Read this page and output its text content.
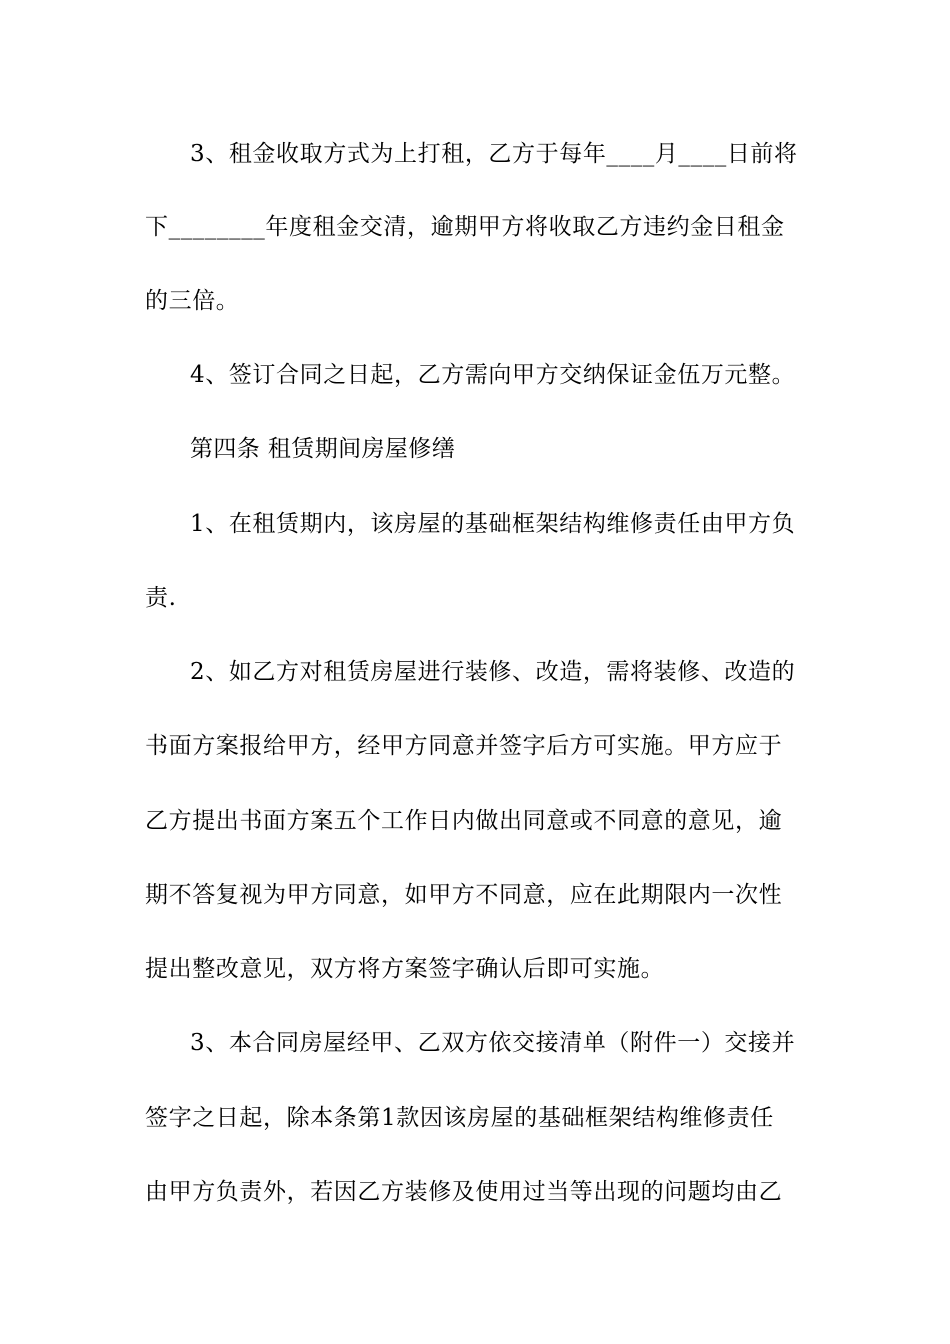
3、租金收取方式为上打租，乙方于每年____月____日前将
下________年度租金交清，逾期甲方将收取乙方违约金日租金
的三倍。
4、签订合同之日起，乙方需向甲方交纳保证金伍万元整。
第四条 租赁期间房屋修缮
1、在租赁期内，该房屋的基础框架结构维修责任由甲方负
责.
2、如乙方对租赁房屋进行装修、改造，需将装修、改造的
书面方案报给甲方，经甲方同意并签字后方可实施。甲方应于
乙方提出书面方案五个工作日内做出同意或不同意的意见，逾
期不答复视为甲方同意，如甲方不同意，应在此期限内一次性
提出整改意见，双方将方案签字确认后即可实施。
3、本合同房屋经甲、乙双方依交接清单（附件一）交接并
签字之日起，除本条第1款因该房屋的基础框架结构维修责任
由甲方负责外，若因乙方装修及使用过当等出现的问题均由乙
